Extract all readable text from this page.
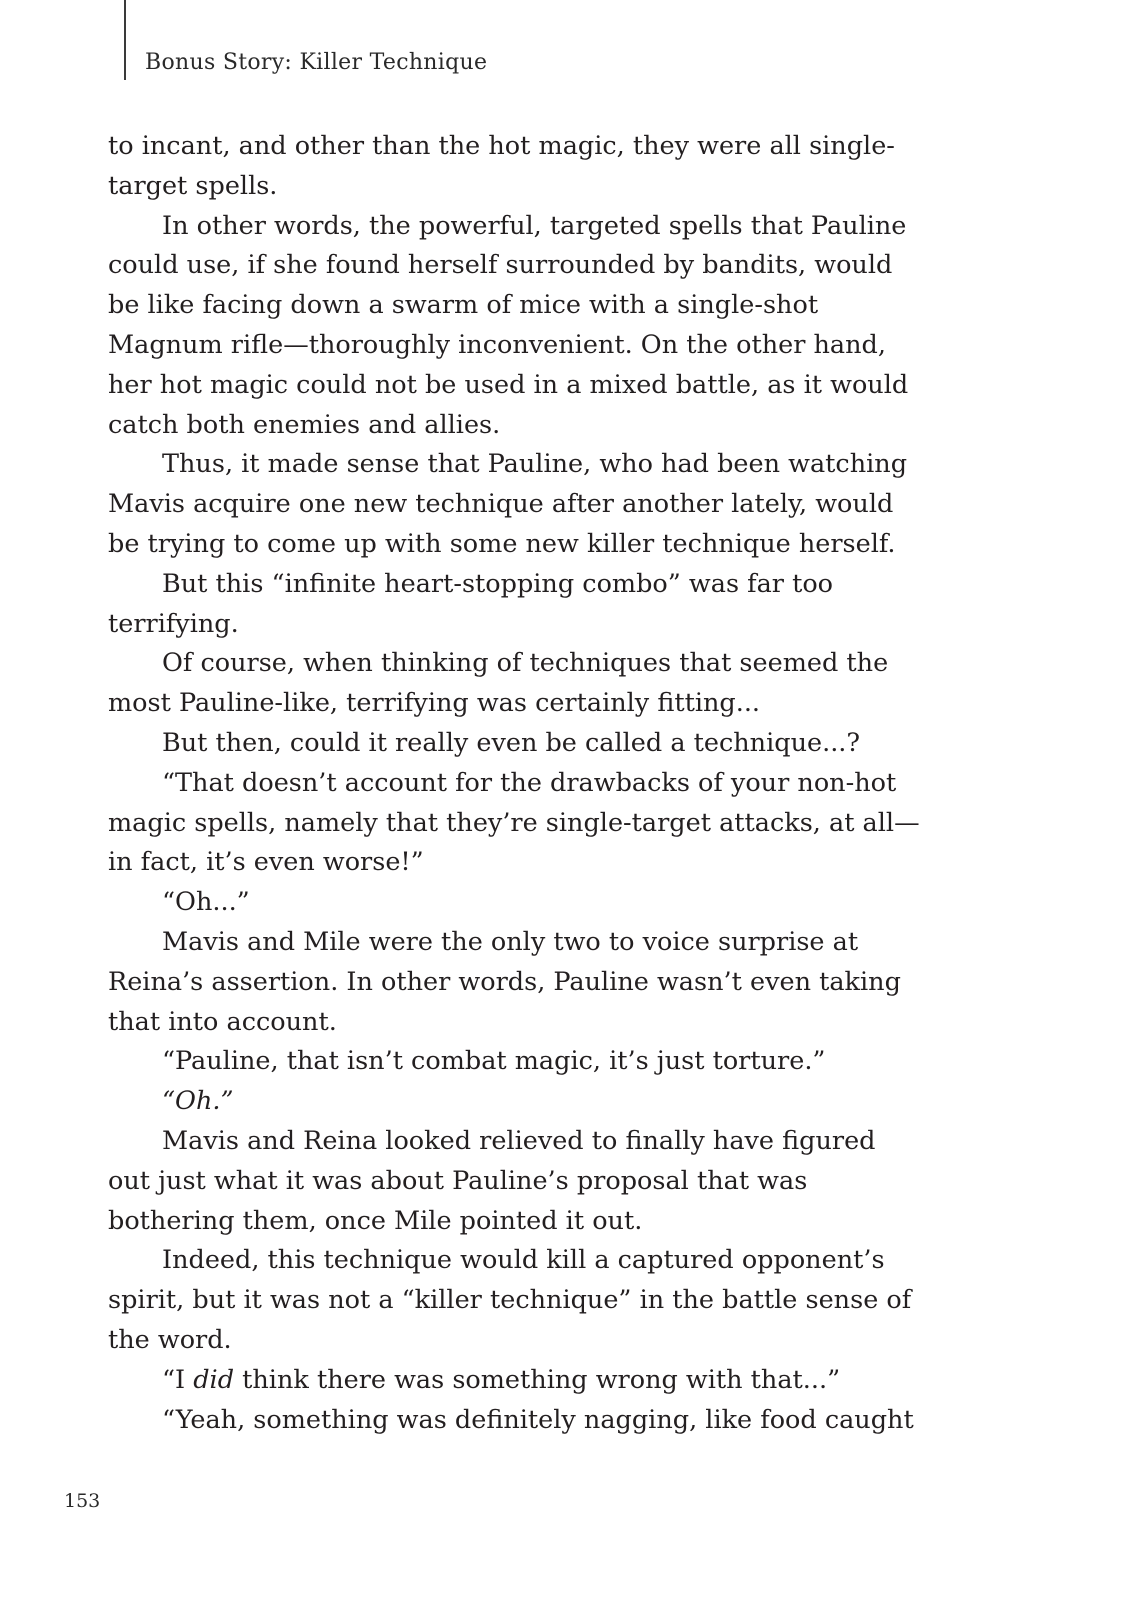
Bonus Story: Killer Technique
to incant, and other than the hot magic, they were all single-
target spells.
In other words, the powerful, targeted spells that Pauline
could use, if she found herself surrounded by bandits, would
be like facing down a swarm of mice with a single-shot
Magnum rifle—thoroughly inconvenient. On the other hand,
her hot magic could not be used in a mixed battle, as it would
catch both enemies and allies.
Thus, it made sense that Pauline, who had been watching
Mavis acquire one new technique after another lately, would
be trying to come up with some new killer technique herself.
But this “infinite heart-stopping combo” was far too
terrifying.
Of course, when thinking of techniques that seemed the
most Pauline-like, terrifying was certainly fitting...
But then, could it really even be called a technique...?
“That doesn’t account for the drawbacks of your non-hot
magic spells, namely that they’re single-target attacks, at all—
in fact, it’s even worse!”
“Oh...”
Mavis and Mile were the only two to voice surprise at
Reina’s assertion. In other words, Pauline wasn’t even taking
that into account.
“Pauline, that isn’t combat magic, it’s just torture.”
“Oh.”
Mavis and Reina looked relieved to finally have figured
out just what it was about Pauline’s proposal that was
bothering them, once Mile pointed it out.
Indeed, this technique would kill a captured opponent’s
spirit, but it was not a “killer technique” in the battle sense of
the word.
“I did think there was something wrong with that...”
“Yeah, something was definitely nagging, like food caught
153
